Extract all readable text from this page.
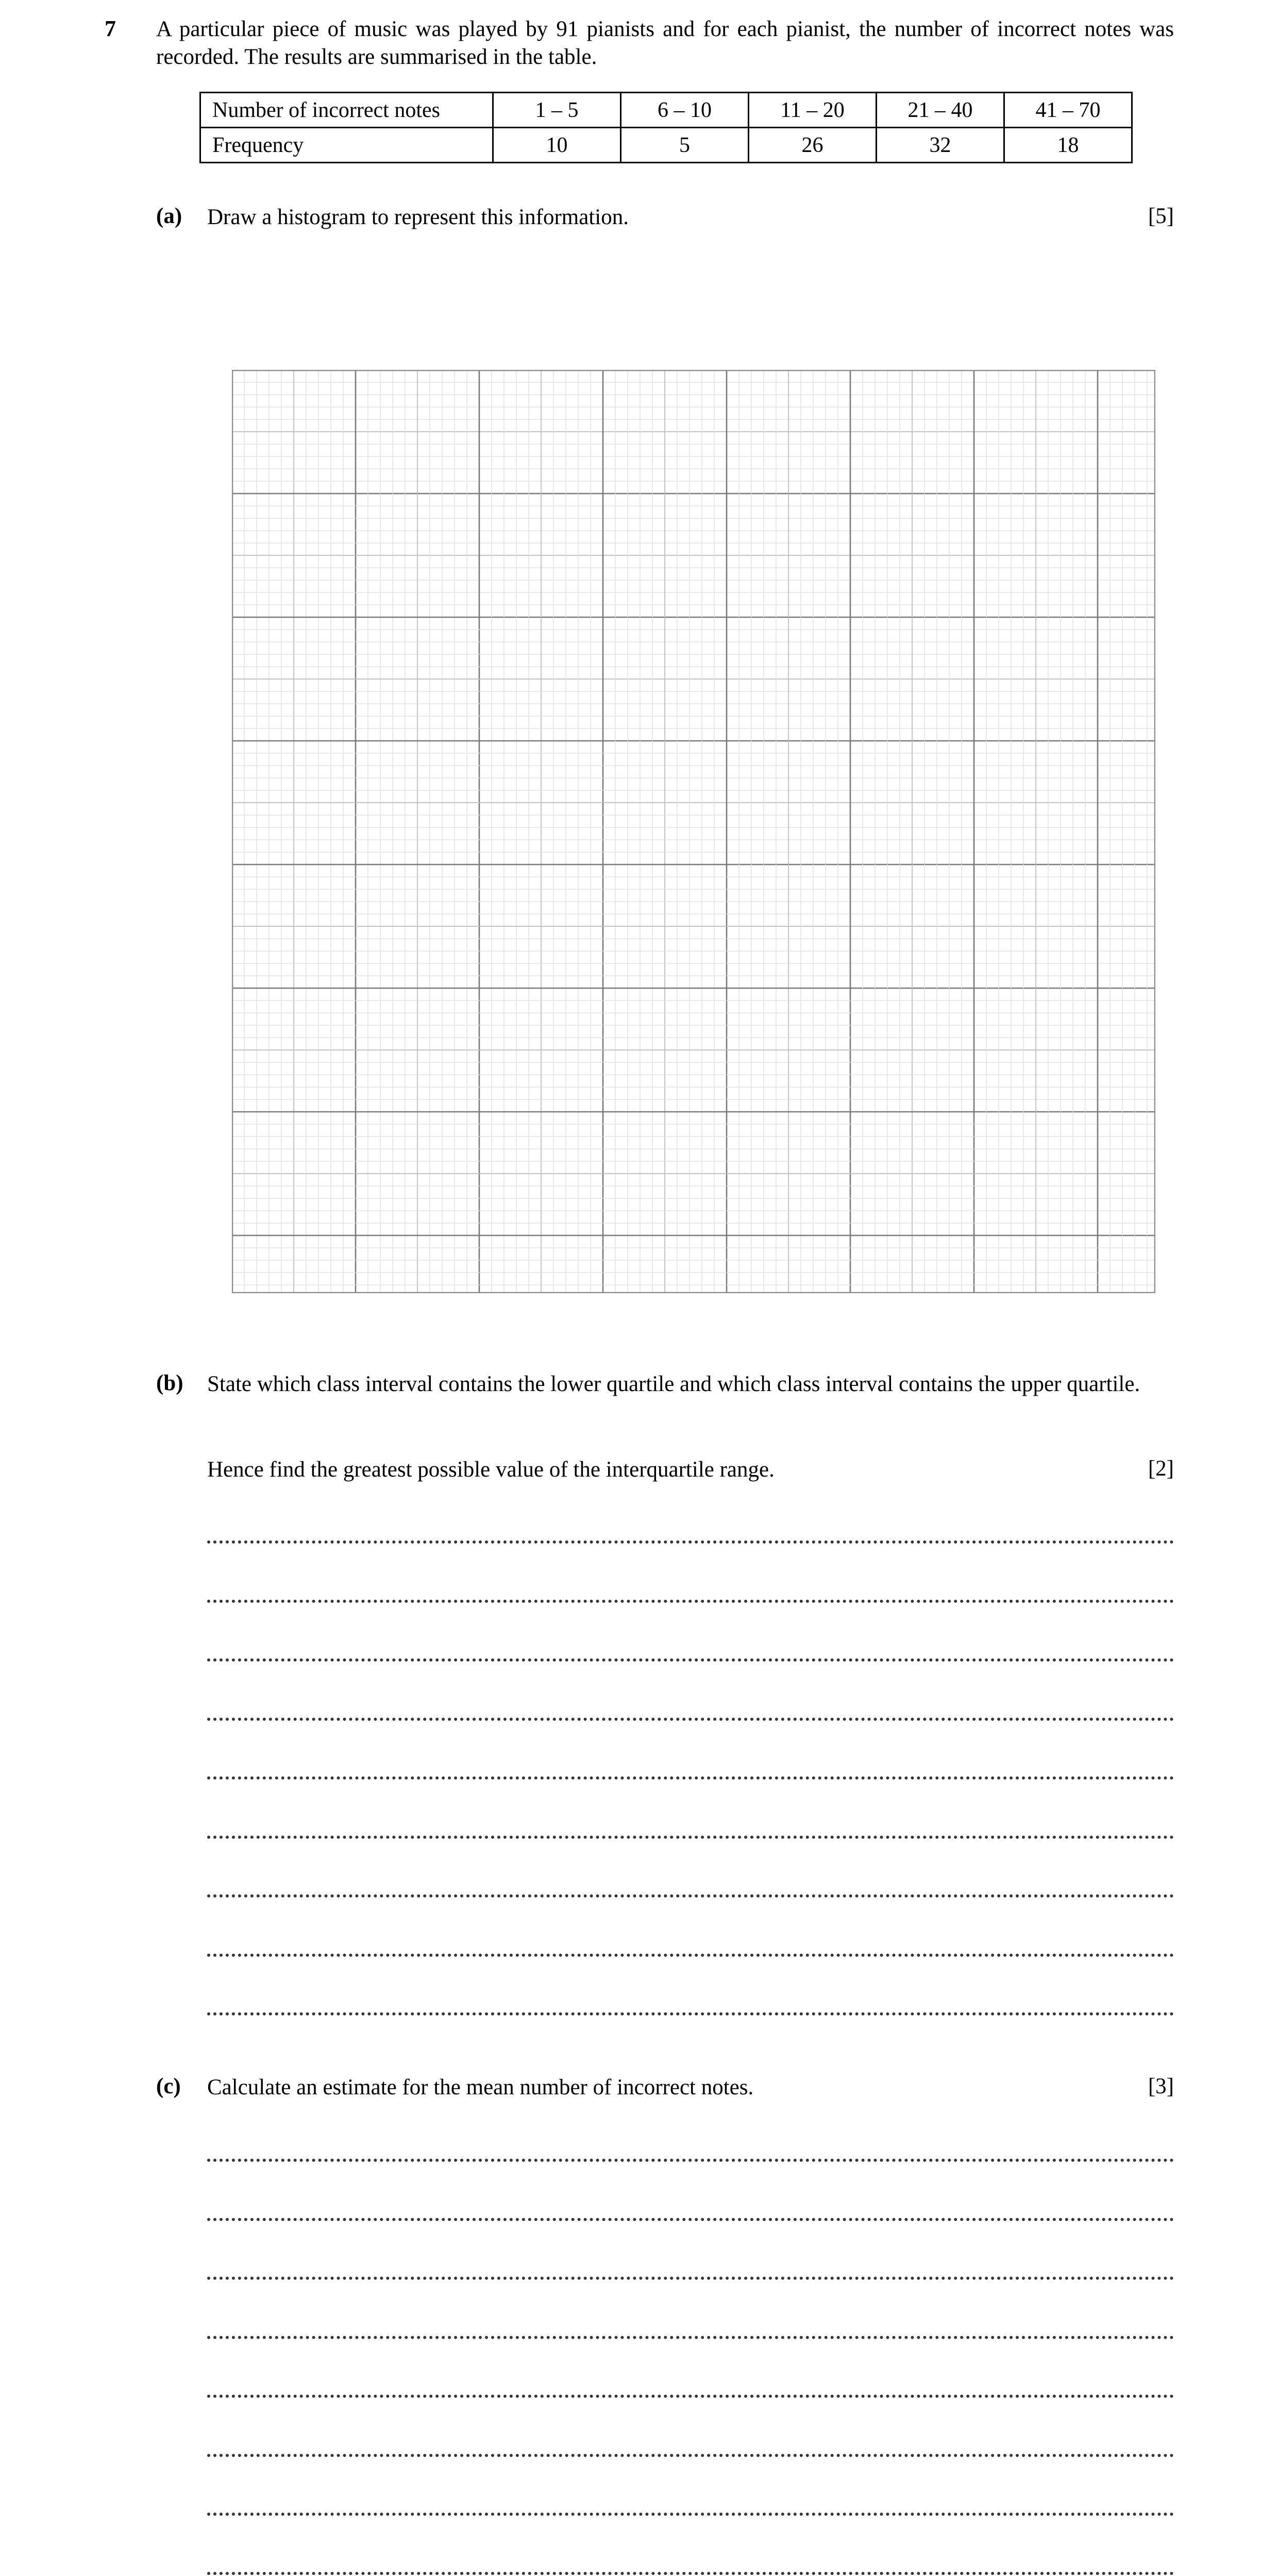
7 A particular piece of music was played by 91 pianists and for each pianist, the number of incorrect notes was recorded. The results are summarised in the table.
Number of incorrect notes	1 – 5	6 – 10	11 – 20	21 – 40	41 – 70
Frequency	10	5	26	32	18
(a) Draw a histogram to represent this information.	[5]
(b) State which class interval contains the lower quartile and which class interval contains the upper quartile.
Hence find the greatest possible value of the interquartile range.	[2]
(c) Calculate an estimate for the mean number of incorrect notes.	[3]
